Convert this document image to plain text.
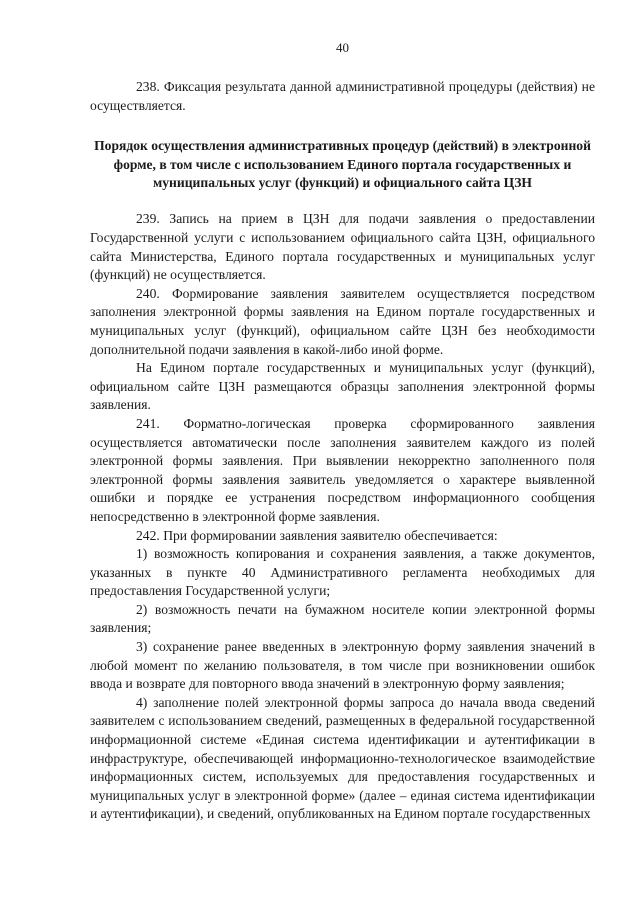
40

238. Фиксация результата данной административной процедуры (действия) не осуществляется.

Порядок осуществления административных процедур (действий) в электронной форме, в том числе с использованием Единого портала государственных и муниципальных услуг (функций) и официального сайта ЦЗН

239. Запись на прием в ЦЗН для подачи заявления о предоставлении Государственной услуги с использованием официального сайта ЦЗН, официального сайта Министерства, Единого портала государственных и муниципальных услуг (функций) не осуществляется.

240. Формирование заявления заявителем осуществляется посредством заполнения электронной формы заявления на Едином портале государственных и муниципальных услуг (функций), официальном сайте ЦЗН без необходимости дополнительной подачи заявления в какой-либо иной форме.

На Едином портале государственных и муниципальных услуг (функций), официальном сайте ЦЗН размещаются образцы заполнения электронной формы заявления.

241. Форматно-логическая проверка сформированного заявления осуществляется автоматически после заполнения заявителем каждого из полей электронной формы заявления. При выявлении некорректно заполненного поля электронной формы заявления заявитель уведомляется о характере выявленной ошибки и порядке ее устранения посредством информационного сообщения непосредственно в электронной форме заявления.

242. При формировании заявления заявителю обеспечивается:

1) возможность копирования и сохранения заявления, а также документов, указанных в пункте 40 Административного регламента необходимых для предоставления Государственной услуги;

2) возможность печати на бумажном носителе копии электронной формы заявления;

3) сохранение ранее введенных в электронную форму заявления значений в любой момент по желанию пользователя, в том числе при возникновении ошибок ввода и возврате для повторного ввода значений в электронную форму заявления;

4) заполнение полей электронной формы запроса до начала ввода сведений заявителем с использованием сведений, размещенных в федеральной государственной информационной системе «Единая система идентификации и аутентификации в инфраструктуре, обеспечивающей информационно-технологическое взаимодействие информационных систем, используемых для предоставления государственных и муниципальных услуг в электронной форме» (далее – единая система идентификации и аутентификации), и сведений, опубликованных на Едином портале государственных
